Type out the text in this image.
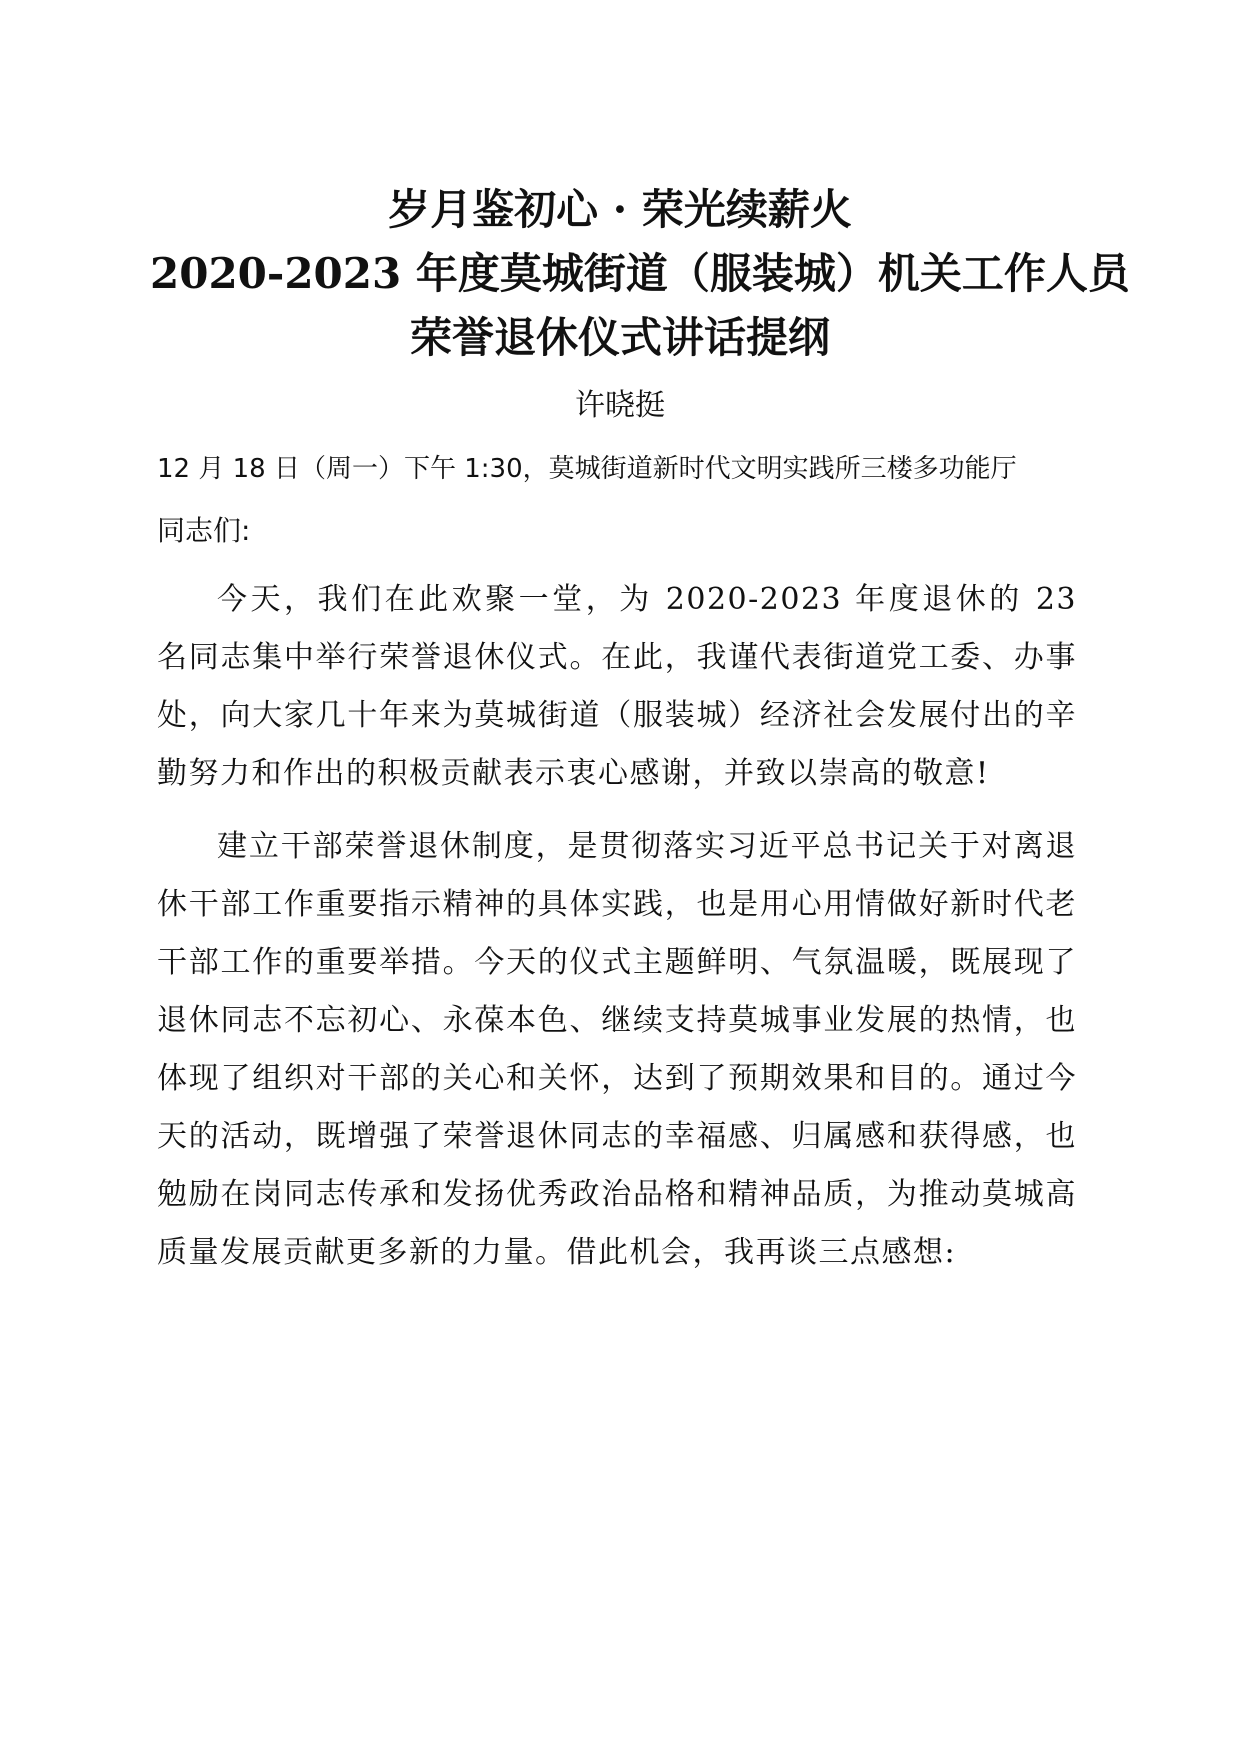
岁月鉴初心 · 荣光续薪火

2020-2023 年度莫城街道（服装城）机关工作人员

荣誉退休仪式讲话提纲

许晓挺

12 月 18 日（周一）下午 1:30，莫城街道新时代文明实践所三楼多功能厅

同志们:

今天，我们在此欢聚一堂，为 2020-2023 年度退休的 23 名同志集中举行荣誉退休仪式。在此，我谨代表街道党工委、办事处，向大家几十年来为莫城街道（服装城）经济社会发展付出的辛勤努力和作出的积极贡献表示衷心感谢，并致以崇高的敬意!

建立干部荣誉退休制度，是贯彻落实习近平总书记关于对离退休干部工作重要指示精神的具体实践，也是用心用情做好新时代老干部工作的重要举措。今天的仪式主题鲜明、气氛温暖，既展现了退休同志不忘初心、永葆本色、继续支持莫城事业发展的热情，也体现了组织对干部的关心和关怀，达到了预期效果和目的。通过今天的活动，既增强了荣誉退休同志的幸福感、归属感和获得感，也勉励在岗同志传承和发扬优秀政治品格和精神品质，为推动莫城高质量发展贡献更多新的力量。借此机会，我再谈三点感想:
